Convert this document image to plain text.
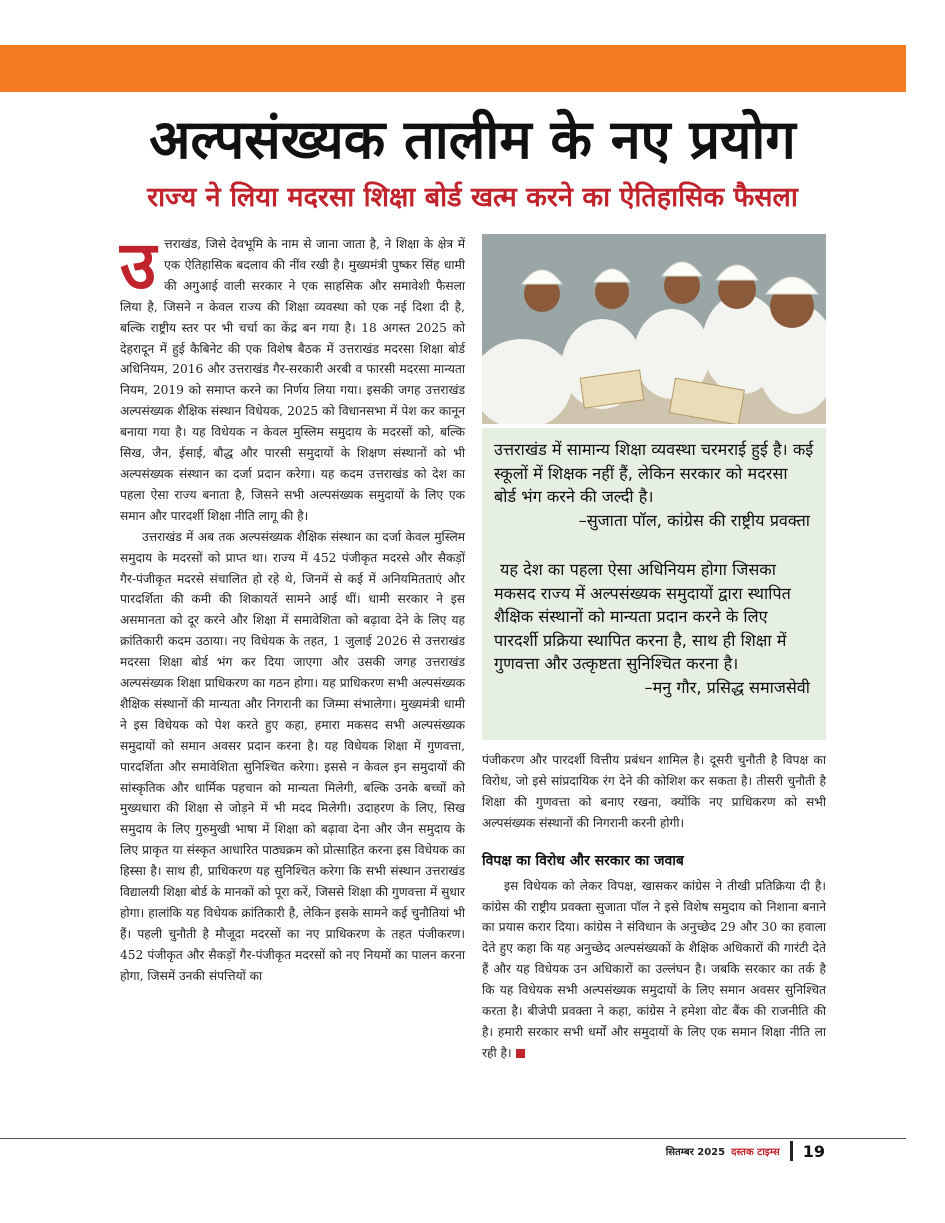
अल्पसंख्यक तालीम के नए प्रयोग
राज्य ने लिया मदरसा शिक्षा बोर्ड खत्म करने का ऐतिहासिक फैसला

उत्तराखंड, जिसे देवभूमि के नाम से जाना जाता है, ने शिक्षा के क्षेत्र में एक ऐतिहासिक बदलाव की नींव रखी है। मुख्यमंत्री पुष्कर सिंह धामी की अगुआई वाली सरकार ने एक साहसिक और समावेशी फैसला लिया है, जिसने न केवल राज्य की शिक्षा व्यवस्था को एक नई दिशा दी है, बल्कि राष्ट्रीय स्तर पर भी चर्चा का केंद्र बन गया है। 18 अगस्त 2025 को देहरादून में हुई कैबिनेट की एक विशेष बैठक में उत्तराखंड मदरसा शिक्षा बोर्ड अधिनियम, 2016 और उत्तराखंड गैर-सरकारी अरबी व फारसी मदरसा मान्यता नियम, 2019 को समाप्त करने का निर्णय लिया गया। इसकी जगह उत्तराखंड अल्पसंख्यक शैक्षिक संस्थान विधेयक, 2025 को विधानसभा में पेश कर कानून बनाया गया है। यह विधेयक न केवल मुस्लिम समुदाय के मदरसों को, बल्कि सिख, जैन, ईसाई, बौद्ध और पारसी समुदायों के शिक्षण संस्थानों को भी अल्पसंख्यक संस्थान का दर्जा प्रदान करेगा। यह कदम उत्तराखंड को देश का पहला ऐसा राज्य बनाता है, जिसने सभी अल्पसंख्यक समुदायों के लिए एक समान और पारदर्शी शिक्षा नीति लागू की है।

उत्तराखंड में अब तक अल्पसंख्यक शैक्षिक संस्थान का दर्जा केवल मुस्लिम समुदाय के मदरसों को प्राप्त था। राज्य में 452 पंजीकृत मदरसे और सैकड़ों गैर-पंजीकृत मदरसे संचालित हो रहे थे, जिनमें से कई में अनियमितताएं और पारदर्शिता की कमी की शिकायतें सामने आई थीं। धामी सरकार ने इस असमानता को दूर करने और शिक्षा में समावेशिता को बढ़ावा देने के लिए यह क्रांतिकारी कदम उठाया। नए विधेयक के तहत, 1 जुलाई 2026 से उत्तराखंड मदरसा शिक्षा बोर्ड भंग कर दिया जाएगा और उसकी जगह उत्तराखंड अल्पसंख्यक शिक्षा प्राधिकरण का गठन होगा। यह प्राधिकरण सभी अल्पसंख्यक शैक्षिक संस्थानों की मान्यता और निगरानी का जिम्मा संभालेगा। मुख्यमंत्री धामी ने इस विधेयक को पेश करते हुए कहा, हमारा मकसद सभी अल्पसंख्यक समुदायों को समान अवसर प्रदान करना है। यह विधेयक शिक्षा में गुणवत्ता, पारदर्शिता और समावेशिता सुनिश्चित करेगा। इससे न केवल इन समुदायों की सांस्कृतिक और धार्मिक पहचान को मान्यता मिलेगी, बल्कि उनके बच्चों को मुख्यधारा की शिक्षा से जोड़ने में भी मदद मिलेगी। उदाहरण के लिए, सिख समुदाय के लिए गुरुमुखी भाषा में शिक्षा को बढ़ावा देना और जैन समुदाय के लिए प्राकृत या संस्कृत आधारित पाठ्यक्रम को प्रोत्साहित करना इस विधेयक का हिस्सा है। साथ ही, प्राधिकरण यह सुनिश्चित करेगा कि सभी संस्थान उत्तराखंड विद्यालयी शिक्षा बोर्ड के मानकों को पूरा करें, जिससे शिक्षा की गुणवत्ता में सुधार होगा। हालांकि यह विधेयक क्रांतिकारी है, लेकिन इसके सामने कई चुनौतियां भी हैं। पहली चुनौती है मौजूदा मदरसों का नए प्राधिकरण के तहत पंजीकरण। 452 पंजीकृत और सैकड़ों गैर-पंजीकृत मदरसों को नए नियमों का पालन करना होगा, जिसमें उनकी संपत्तियों का

उत्तराखंड में सामान्य शिक्षा व्यवस्था चरमराई हुई है। कई स्कूलों में शिक्षक नहीं हैं, लेकिन सरकार को मदरसा बोर्ड भंग करने की जल्दी है।

–सुजाता पॉल, कांग्रेस की राष्ट्रीय प्रवक्ता

यह देश का पहला ऐसा अधिनियम होगा जिसका मकसद राज्य में अल्पसंख्यक समुदायों द्वारा स्थापित शैक्षिक संस्थानों को मान्यता प्रदान करने के लिए पारदर्शी प्रक्रिया स्थापित करना है, साथ ही शिक्षा में गुणवत्ता और उत्कृष्टता सुनिश्चित करना है।

–मनु गौर, प्रसिद्ध समाजसेवी

पंजीकरण और पारदर्शी वित्तीय प्रबंधन शामिल है। दूसरी चुनौती है विपक्ष का विरोध, जो इसे सांप्रदायिक रंग देने की कोशिश कर सकता है। तीसरी चुनौती है शिक्षा की गुणवत्ता को बनाए रखना, क्योंकि नए प्राधिकरण को सभी अल्पसंख्यक संस्थानों की निगरानी करनी होगी।

विपक्ष का विरोध और सरकार का जवाब

इस विधेयक को लेकर विपक्ष, खासकर कांग्रेस ने तीखी प्रतिक्रिया दी है। कांग्रेस की राष्ट्रीय प्रवक्ता सुजाता पॉल ने इसे विशेष समुदाय को निशाना बनाने का प्रयास करार दिया। कांग्रेस ने संविधान के अनुच्छेद 29 और 30 का हवाला देते हुए कहा कि यह अनुच्छेद अल्पसंख्यकों के शैक्षिक अधिकारों की गारंटी देते हैं और यह विधेयक उन अधिकारों का उल्लंघन है। जबकि सरकार का तर्क है कि यह विधेयक सभी अल्पसंख्यक समुदायों के लिए समान अवसर सुनिश्चित करता है। बीजेपी प्रवक्ता ने कहा, कांग्रेस ने हमेशा वोट बैंक की राजनीति की है। हमारी सरकार सभी धर्मों और समुदायों के लिए एक समान शिक्षा नीति ला रही है।

सितम्बर 2025 दस्तक टाइम्स 19
